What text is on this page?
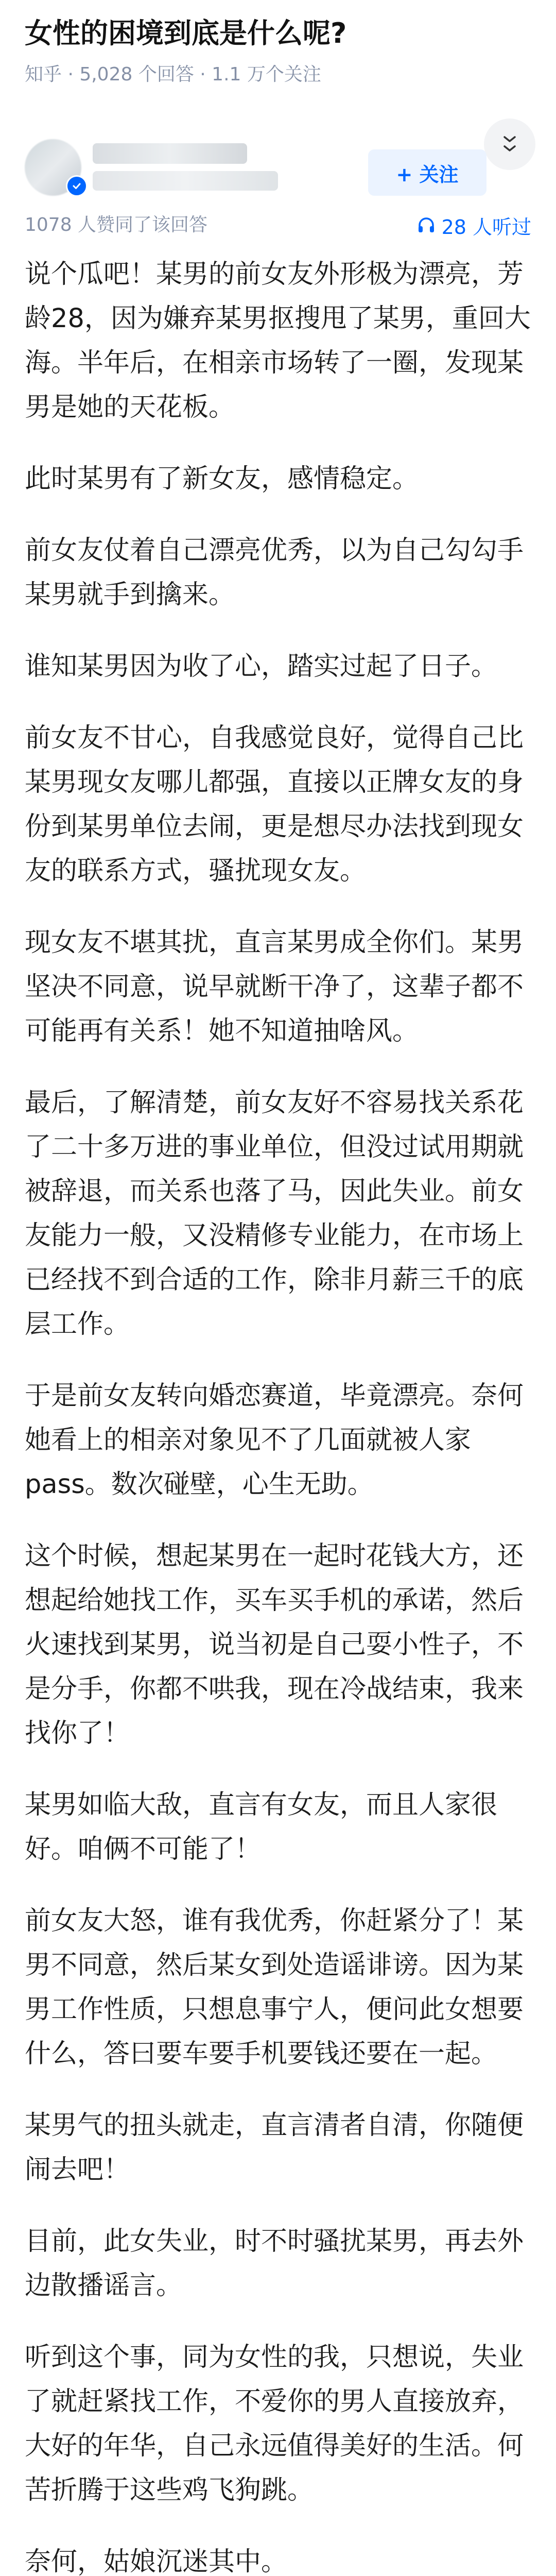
女性的困境到底是什么呢?
知乎 · 5,028 个回答 · 1.1 万个关注
+ 关注
1078 人赞同了该回答	28 人听过

说个瓜吧！某男的前女友外形极为漂亮，芳龄28，因为嫌弃某男抠搜甩了某男，重回大海。半年后，在相亲市场转了一圈，发现某男是她的天花板。

此时某男有了新女友，感情稳定。

前女友仗着自己漂亮优秀，以为自己勾勾手某男就手到擒来。

谁知某男因为收了心，踏实过起了日子。

前女友不甘心，自我感觉良好，觉得自己比某男现女友哪儿都强，直接以正牌女友的身份到某男单位去闹，更是想尽办法找到现女友的联系方式，骚扰现女友。

现女友不堪其扰，直言某男成全你们。某男坚决不同意，说早就断干净了，这辈子都不可能再有关系！她不知道抽啥风。

最后，了解清楚，前女友好不容易找关系花了二十多万进的事业单位，但没过试用期就被辞退，而关系也落了马，因此失业。前女友能力一般，又没精修专业能力，在市场上已经找不到合适的工作，除非月薪三千的底层工作。

于是前女友转向婚恋赛道，毕竟漂亮。奈何她看上的相亲对象见不了几面就被人家pass。数次碰壁，心生无助。

这个时候，想起某男在一起时花钱大方，还想起给她找工作，买车买手机的承诺，然后火速找到某男，说当初是自己耍小性子，不是分手，你都不哄我，现在冷战结束，我来找你了！

某男如临大敌，直言有女友，而且人家很好。咱俩不可能了！

前女友大怒，谁有我优秀，你赶紧分了！某男不同意，然后某女到处造谣诽谤。因为某男工作性质，只想息事宁人，便问此女想要什么，答曰要车要手机要钱还要在一起。

某男气的扭头就走，直言清者自清，你随便闹去吧！

目前，此女失业，时不时骚扰某男，再去外边散播谣言。

听到这个事，同为女性的我，只想说，失业了就赶紧找工作，不爱你的男人直接放弃，大好的年华，自己永远值得美好的生活。何苦折腾于这些鸡飞狗跳。

奈何，姑娘沉迷其中。
